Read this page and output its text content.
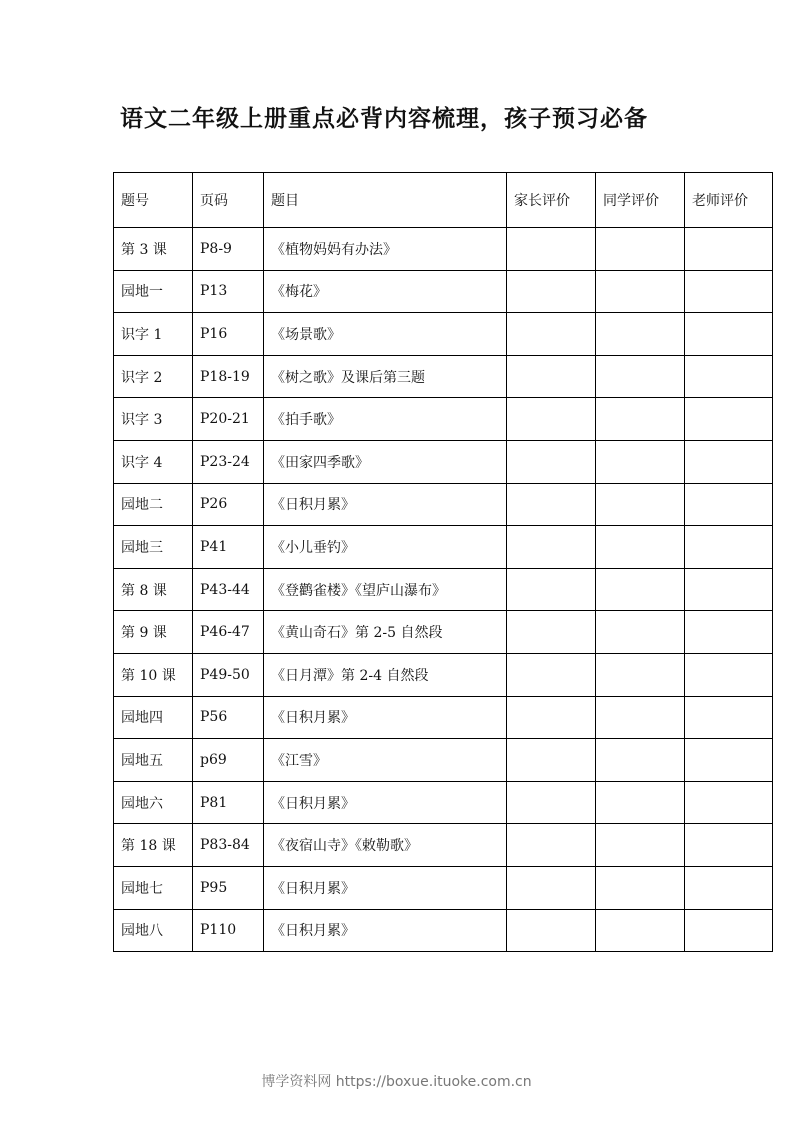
语文二年级上册重点必背内容梳理，孩子预习必备
题号	页码	题目	家长评价	同学评价	老师评价
第 3 课	P8-9	《植物妈妈有办法》			
园地一	P13	《梅花》			
识字 1	P16	《场景歌》			
识字 2	P18-19	《树之歌》及课后第三题			
识字 3	P20-21	《拍手歌》			
识字 4	P23-24	《田家四季歌》			
园地二	P26	《日积月累》			
园地三	P41	《小儿垂钓》			
第 8 课	P43-44	《登鹳雀楼》《望庐山瀑布》			
第 9 课	P46-47	《黄山奇石》第 2-5 自然段			
第 10 课	P49-50	《日月潭》第 2-4 自然段			
园地四	P56	《日积月累》			
园地五	p69	《江雪》			
园地六	P81	《日积月累》			
第 18 课	P83-84	《夜宿山寺》《敕勒歌》			
园地七	P95	《日积月累》			
园地八	P110	《日积月累》			
博学资料网 https://boxue.ituoke.com.cn
